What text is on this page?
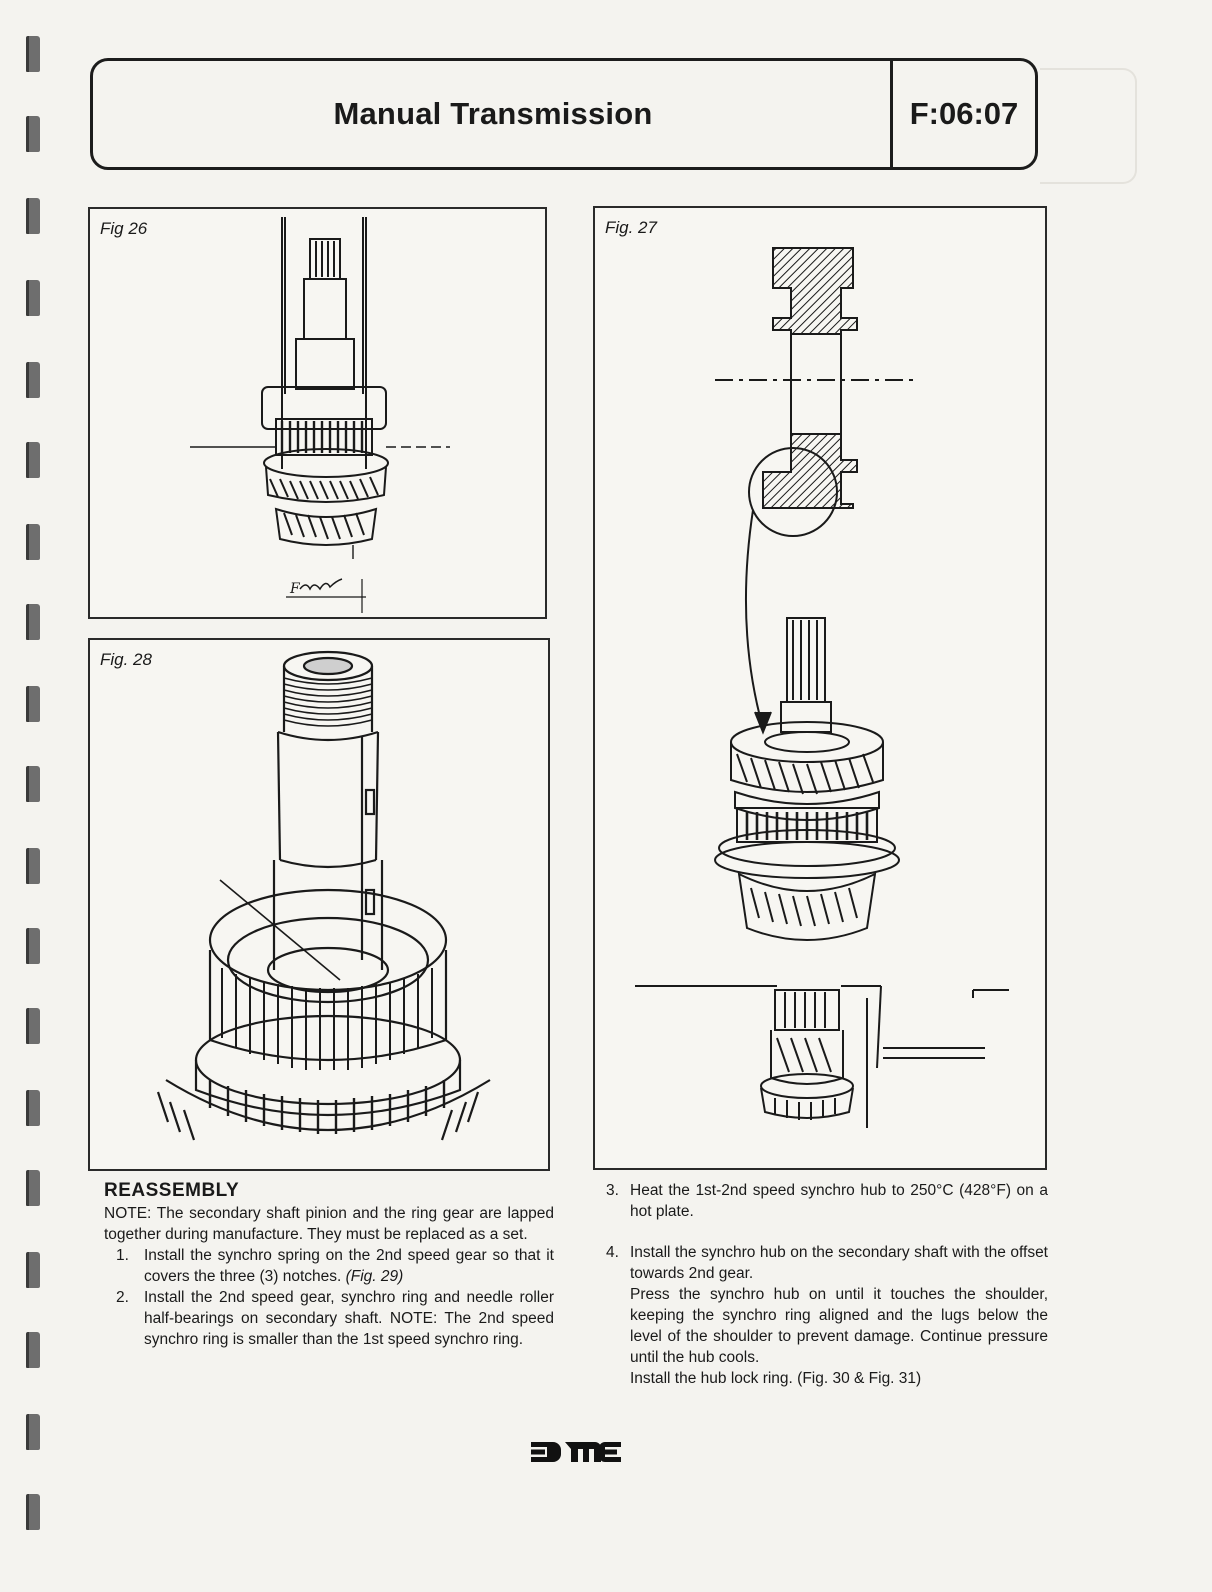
Manual Transmission	F:06:07
F
Fig 26
Fig. 28
Fig. 27
REASSEMBLY
NOTE: The secondary shaft pinion and the ring gear are lapped together during manufacture. They must be replaced as a set.
1. Install the synchro spring on the 2nd speed gear so that it covers the three (3) notches. (Fig. 29)
2. Install the 2nd speed gear, synchro ring and needle roller half-bearings on secondary shaft. NOTE: The 2nd speed synchro ring is smaller than the 1st speed synchro ring.
3. Heat the 1st-2nd speed synchro hub to 250°C (428°F) on a hot plate.
4. Install the synchro hub on the secondary shaft with the offset towards 2nd gear.
Press the synchro hub on until it touches the shoulder, keeping the synchro ring aligned and the lugs below the level of the shoulder to prevent damage. Continue pressure until the hub cools.
Install the hub lock ring. (Fig. 30 & Fig. 31)
